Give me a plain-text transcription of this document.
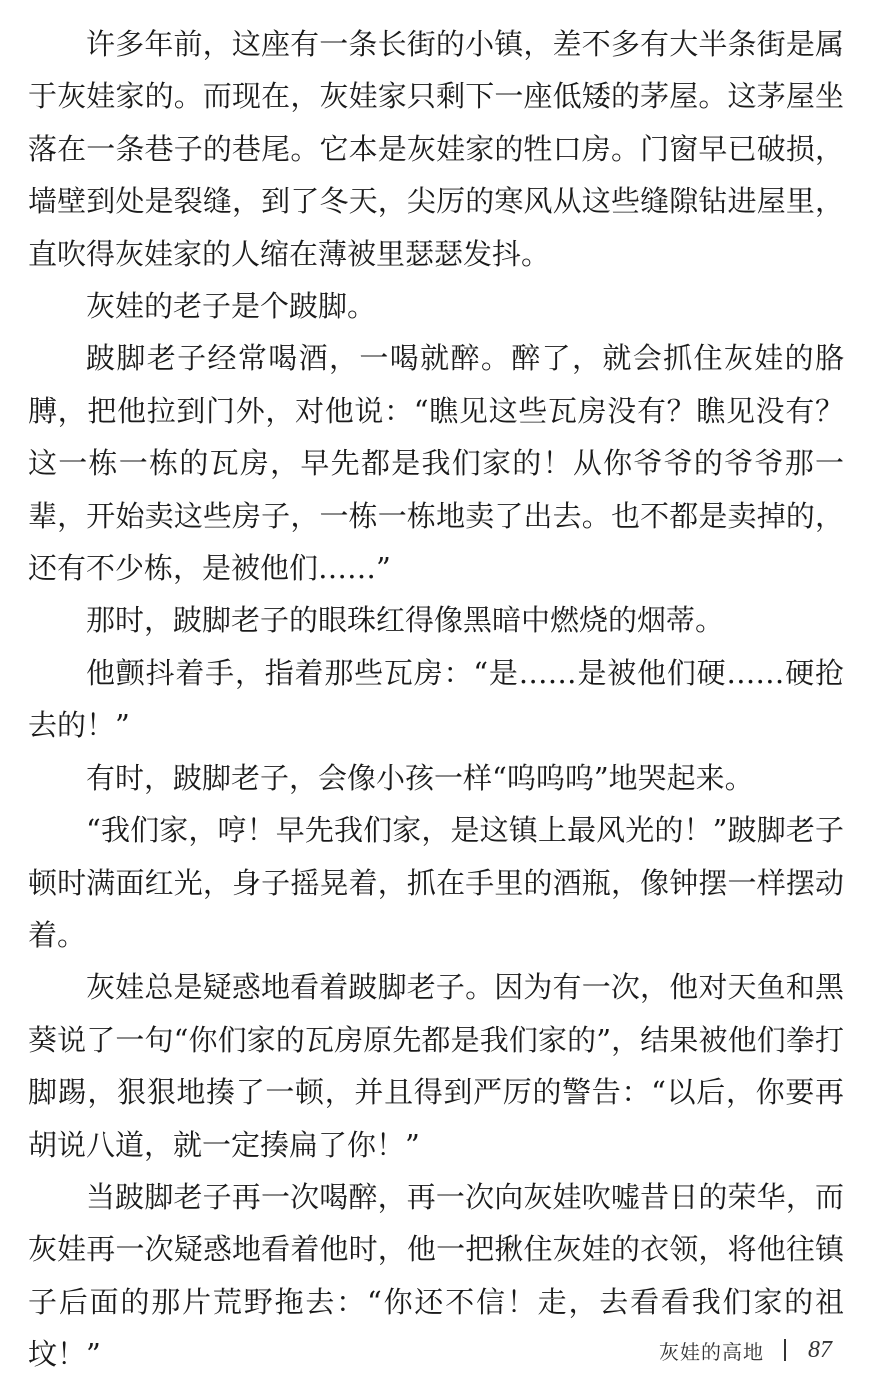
许多年前，这座有一条长街的小镇，差不多有大半条街是属于灰娃家的。而现在，灰娃家只剩下一座低矮的茅屋。这茅屋坐落在一条巷子的巷尾。它本是灰娃家的牲口房。门窗早已破损，墙壁到处是裂缝，到了冬天，尖厉的寒风从这些缝隙钻进屋里，直吹得灰娃家的人缩在薄被里瑟瑟发抖。

灰娃的老子是个跛脚。

跛脚老子经常喝酒，一喝就醉。醉了，就会抓住灰娃的胳膊，把他拉到门外，对他说：“瞧见这些瓦房没有？瞧见没有？这一栋一栋的瓦房，早先都是我们家的！从你爷爷的爷爷那一辈，开始卖这些房子，一栋一栋地卖了出去。也不都是卖掉的，还有不少栋，是被他们……”

那时，跛脚老子的眼珠红得像黑暗中燃烧的烟蒂。

他颤抖着手，指着那些瓦房：“是……是被他们硬……硬抢去的！”

有时，跛脚老子，会像小孩一样“呜呜呜”地哭起来。

“我们家，哼！早先我们家，是这镇上最风光的！”跛脚老子顿时满面红光，身子摇晃着，抓在手里的酒瓶，像钟摆一样摆动着。

灰娃总是疑惑地看着跛脚老子。因为有一次，他对天鱼和黑葵说了一句“你们家的瓦房原先都是我们家的”，结果被他们拳打脚踢，狠狠地揍了一顿，并且得到严厉的警告：“以后，你要再胡说八道，就一定揍扁了你！”

当跛脚老子再一次喝醉，再一次向灰娃吹嘘昔日的荣华，而灰娃再一次疑惑地看着他时，他一把揪住灰娃的衣领，将他往镇子后面的那片荒野拖去：“你还不信！走，去看看我们家的祖坟！”	灰娃的高地 87
